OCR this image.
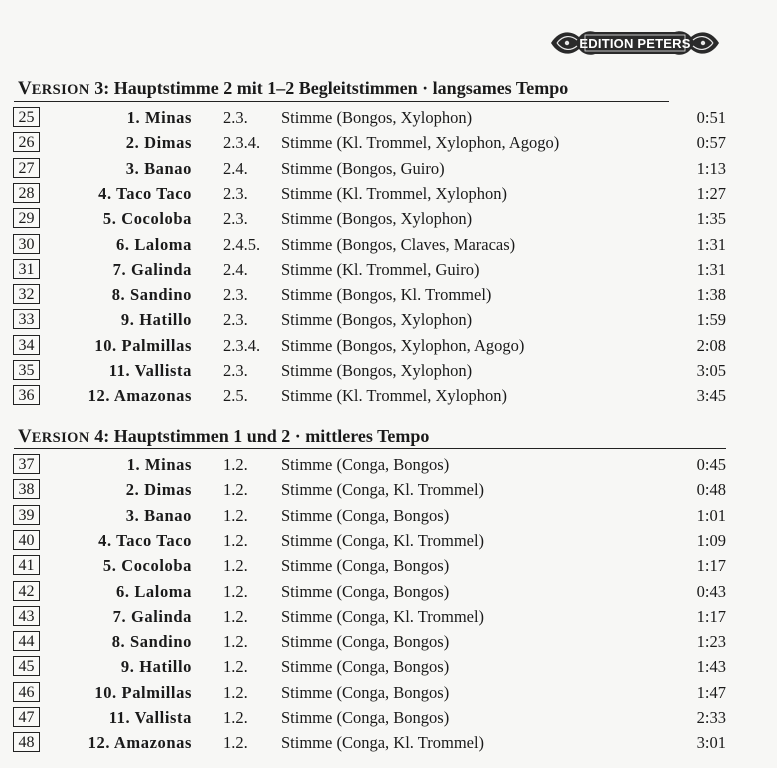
EDITION PETERS
VERSION 3: Hauptstimme 2 mit 1–2 Begleitstimmen · langsames Tempo
25	1. Minas 2.3. Stimme (Bongos, Xylophon)	0:51
26	2. Dimas 2.3.4. Stimme (Kl. Trommel, Xylophon, Agogo)	0:57
27	3. Banao 2.4. Stimme (Bongos, Guiro)	1:13
28	4. Taco Taco 2.3. Stimme (Kl. Trommel, Xylophon)	1:27
29	5. Cocoloba 2.3. Stimme (Bongos, Xylophon)	1:35
30	6. Laloma 2.4.5. Stimme (Bongos, Claves, Maracas)	1:31
31	7. Galinda 2.4. Stimme (Kl. Trommel, Guiro)	1:31
32	8. Sandino 2.3. Stimme (Bongos, Kl. Trommel)	1:38
33	9. Hatillo 2.3. Stimme (Bongos, Xylophon)	1:59
34	10. Palmillas 2.3.4. Stimme (Bongos, Xylophon, Agogo)	2:08
35	11. Vallista 2.3. Stimme (Bongos, Xylophon)	3:05
36	12. Amazonas 2.5. Stimme (Kl. Trommel, Xylophon)	3:45
VERSION 4: Hauptstimmen 1 und 2 · mittleres Tempo
37	1. Minas 1.2. Stimme (Conga, Bongos)	0:45
38	2. Dimas 1.2. Stimme (Conga, Kl. Trommel)	0:48
39	3. Banao 1.2. Stimme (Conga, Bongos)	1:01
40	4. Taco Taco 1.2. Stimme (Conga, Kl. Trommel)	1:09
41	5. Cocoloba 1.2. Stimme (Conga, Bongos)	1:17
42	6. Laloma 1.2. Stimme (Conga, Bongos)	0:43
43	7. Galinda 1.2. Stimme (Conga, Kl. Trommel)	1:17
44	8. Sandino 1.2. Stimme (Conga, Bongos)	1:23
45	9. Hatillo 1.2. Stimme (Conga, Bongos)	1:43
46	10. Palmillas 1.2. Stimme (Conga, Bongos)	1:47
47	11. Vallista 1.2. Stimme (Conga, Bongos)	2:33
48	12. Amazonas 1.2. Stimme (Conga, Kl. Trommel)	3:01
